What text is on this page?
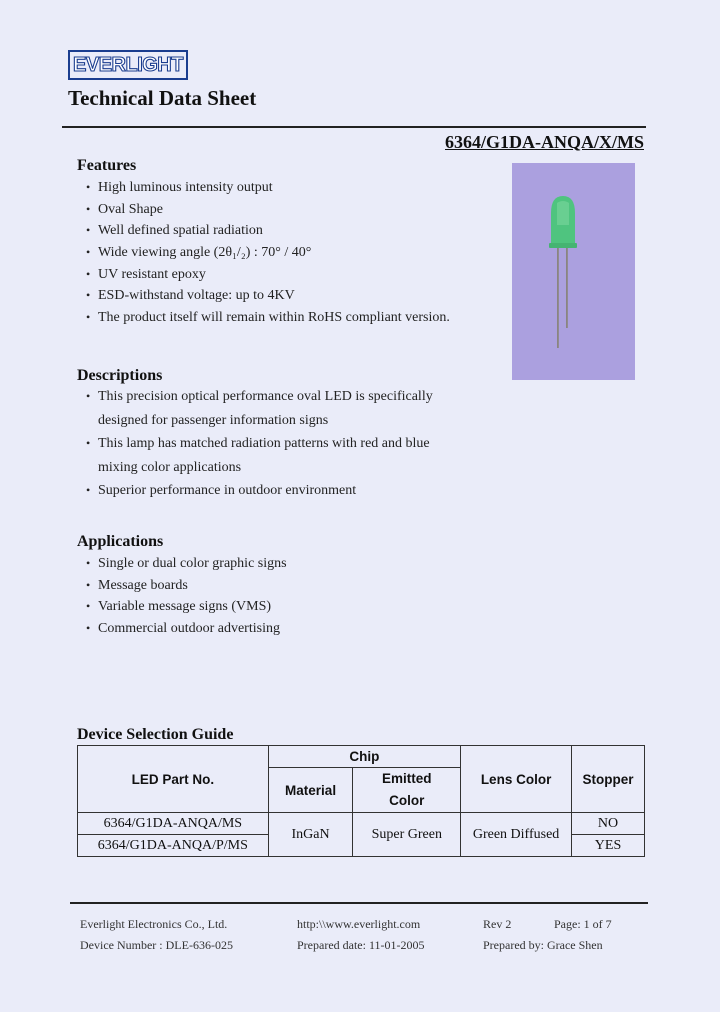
EVERLIGHT
Technical Data Sheet
6364/G1DA-ANQA/X/MS
Features
• High luminous intensity output
• Oval Shape
• Well defined spatial radiation
• Wide viewing angle (2θ₁/₂) : 70° / 40°
• UV resistant epoxy
• ESD-withstand voltage: up to 4KV
• The product itself will remain within RoHS compliant version.
Descriptions
• This precision optical performance oval LED is specifically designed for passenger information signs
• This lamp has matched radiation patterns with red and blue mixing color applications
• Superior performance in outdoor environment
Applications
• Single or dual color graphic signs
• Message boards
• Variable message signs (VMS)
• Commercial outdoor advertising
Device Selection Guide
LED Part No.	Chip		Lens Color	Stopper
	Material	Emitted Color		
6364/G1DA-ANQA/MS	InGaN	Super Green	Green Diffused	NO
6364/G1DA-ANQA/P/MS				YES
Everlight Electronics Co., Ltd.	http:\\www.everlight.com	Rev 2	Page: 1 of 7
Device Number : DLE-636-025	Prepared date: 11-01-2005	Prepared by: Grace Shen
